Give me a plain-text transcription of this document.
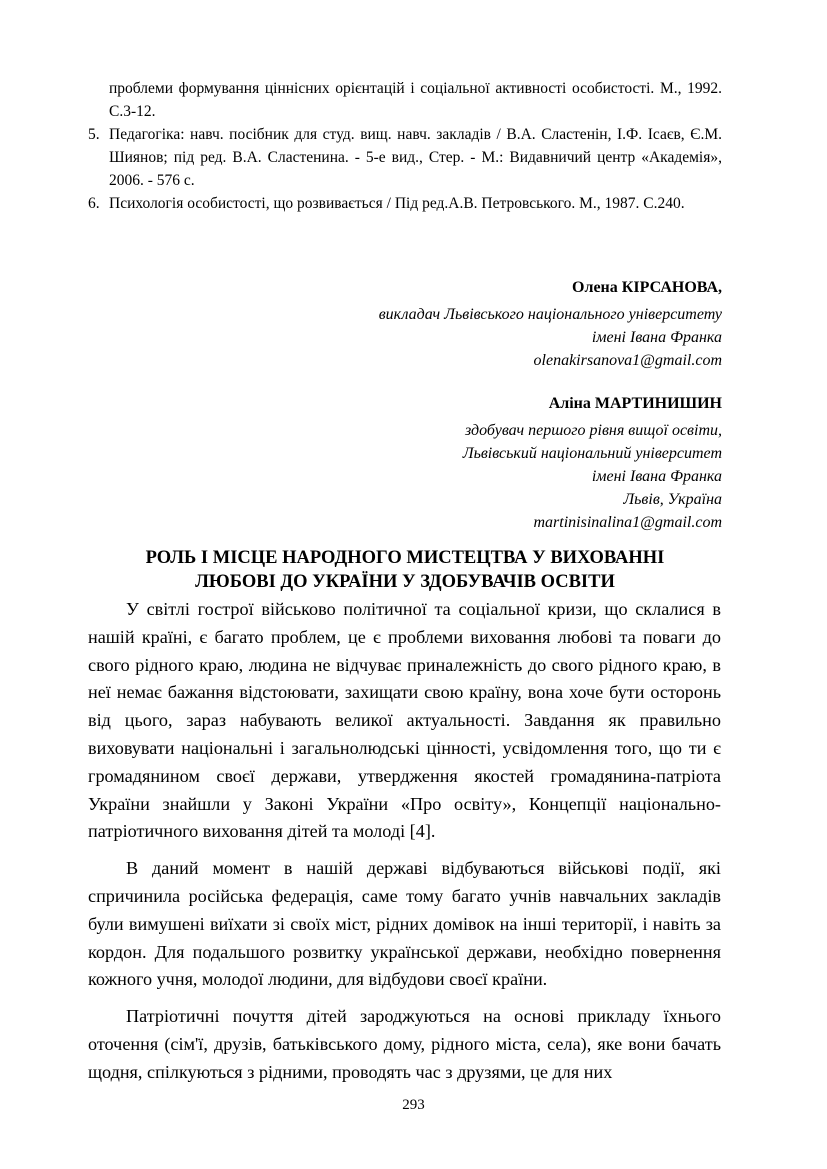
проблеми формування ціннісних орієнтацій і соціальної активності особистості. М., 1992. С.3-12.
5. Педагогіка: навч. посібник для студ. вищ. навч. закладів / В.А. Сластенін, І.Ф. Ісаєв, Є.М. Шиянов; під ред. В.А. Сластенина. - 5-е вид., Стер. - М.: Видавничий центр «Академія», 2006. - 576 с.
6. Психологія особистості, що розвивається / Під ред.А.В. Петровського. М., 1987. С.240.
Олена КІРСАНОВА,
викладач Львівського національного університету
імені Івана Франка
olenakirsanova1@gmail.com
Аліна МАРТИНИШИН
здобувач першого рівня вищої освіти,
Львівський національний університет
імені Івана Франка
Львів, Україна
martinisinalina1@gmail.com
РОЛЬ І МІСЦЕ НАРОДНОГО МИСТЕЦТВА У ВИХОВАННІ
ЛЮБОВІ ДО УКРАЇНИ У ЗДОБУВАЧІВ ОСВІТИ

У світлі гострої військово політичної та соціальної кризи, що склалися в нашій країні, є багато проблем, це є проблеми виховання любові та поваги до свого рідного краю, людина не відчуває приналежність до свого рідного краю, в неї немає бажання відстоювати, захищати свою країну, вона хоче бути осторонь від цього, зараз набувають великої актуальності. Завдання як правильно виховувати національні і загальнолюдські цінності, усвідомлення того, що ти є громадянином своєї держави, утвердження якостей громадянина-патріота України знайшли у Законі України «Про освіту», Концепції національно-патріотичного виховання дітей та молоді [4].

В даний момент в нашій державі відбуваються військові події, які спричинила російська федерація, саме тому багато учнів навчальних закладів були вимушені виїхати зі своїх міст, рідних домівок на інші території, і навіть за кордон. Для подальшого розвитку української держави, необхідно повернення кожного учня, молодої людини, для відбудови своєї країни.

Патріотичні почуття дітей зароджуються на основі прикладу їхнього оточення (сім'ї, друзів, батьківського дому, рідного міста, села), яке вони бачать щодня, спілкуються з рідними, проводять час з друзями, це для них

293
